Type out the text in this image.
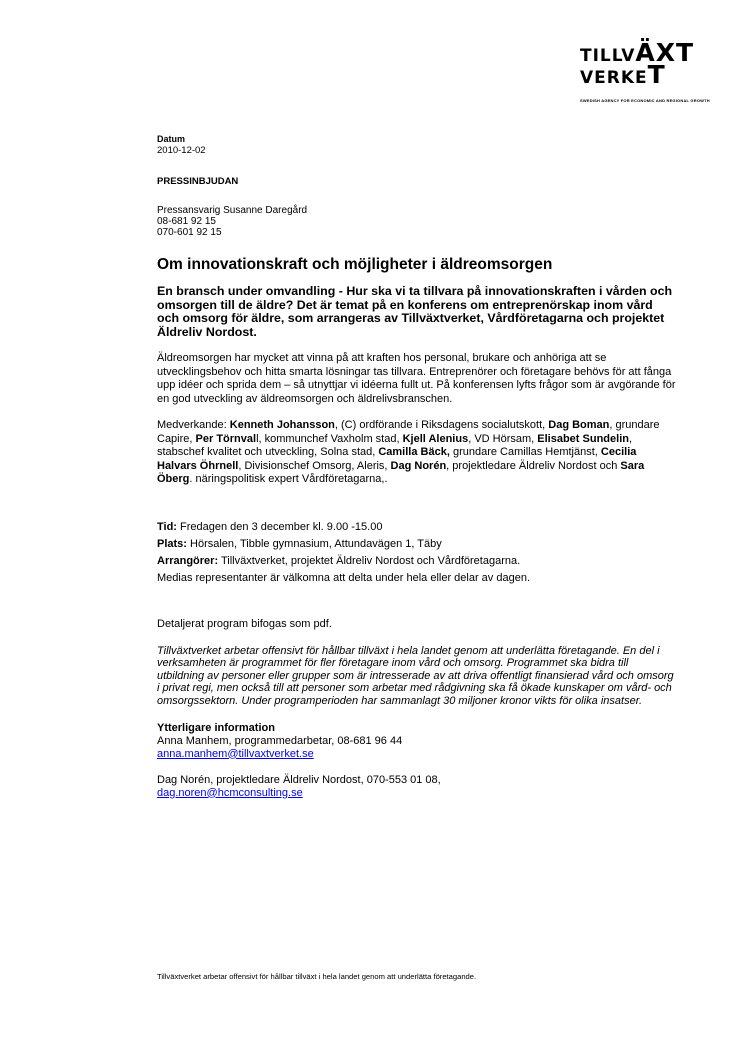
TILLVÄXT
VERKET
SWEDISH AGENCY FOR ECONOMIC AND REGIONAL GROWTH
Datum
2010-12-02
PRESSINBJUDAN
Pressansvarig Susanne Daregård
08-681 92 15
070-601 92 15
Om innovationskraft och möjligheter i äldreomsorgen
En bransch under omvandling - Hur ska vi ta tillvara på innovationskraften i vården och omsorgen till de äldre? Det är temat på en konferens om entreprenörskap inom vård och omsorg för äldre, som arrangeras av Tillväxtverket, Vårdföretagarna och projektet Äldreliv Nordost.
Äldreomsorgen har mycket att vinna på att kraften hos personal, brukare och anhöriga att se utvecklingsbehov och hitta smarta lösningar tas tillvara. Entreprenörer och företagare behövs för att fånga upp idéer och sprida dem – så utnyttjar vi idéerna fullt ut. På konferensen lyfts frågor som är avgörande för en god utveckling av äldreomsorgen och äldrelivsbranschen.
Medverkande: Kenneth Johansson, (C) ordförande i Riksdagens socialutskott, Dag Boman, grundare Capire, Per Törnvall, kommunchef Vaxholm stad, Kjell Alenius, VD Hörsam, Elisabet Sundelin, stabschef kvalitet och utveckling, Solna stad, Camilla Bäck, grundare Camillas Hemtjänst, Cecilia Halvars Öhrnell, Divisionschef Omsorg, Aleris, Dag Norén, projektledare Äldreliv Nordost och Sara Öberg. näringspolitisk expert Vårdföretagarna,.
Tid: Fredagen den 3 december kl. 9.00 -15.00
Plats: Hörsalen, Tibble gymnasium, Attundavägen 1, Täby
Arrangörer: Tillväxtverket, projektet Äldreliv Nordost och Vårdföretagarna.
Medias representanter är välkomna att delta under hela eller delar av dagen.
Detaljerat program bifogas som pdf.
Tillväxtverket arbetar offensivt för hållbar tillväxt i hela landet genom att underlätta företagande. En del i verksamheten är programmet för fler företagare inom vård och omsorg. Programmet ska bidra till utbildning av personer eller grupper som är intresserade av att driva offentligt finansierad vård och omsorg i privat regi, men också till att personer som arbetar med rådgivning ska få ökade kunskaper om vård- och omsorgssektorn. Under programperioden har sammanlagt 30 miljoner kronor vikts för olika insatser.
Ytterligare information
Anna Manhem, programmedarbetar, 08-681 96 44
anna.manhem@tillvaxtverket.se
Dag Norén, projektledare Äldreliv Nordost, 070-553 01 08,
dag.noren@hcmconsulting.se
Tillväxtverket arbetar offensivt för hållbar tillväxt i hela landet genom att underlätta företagande.
